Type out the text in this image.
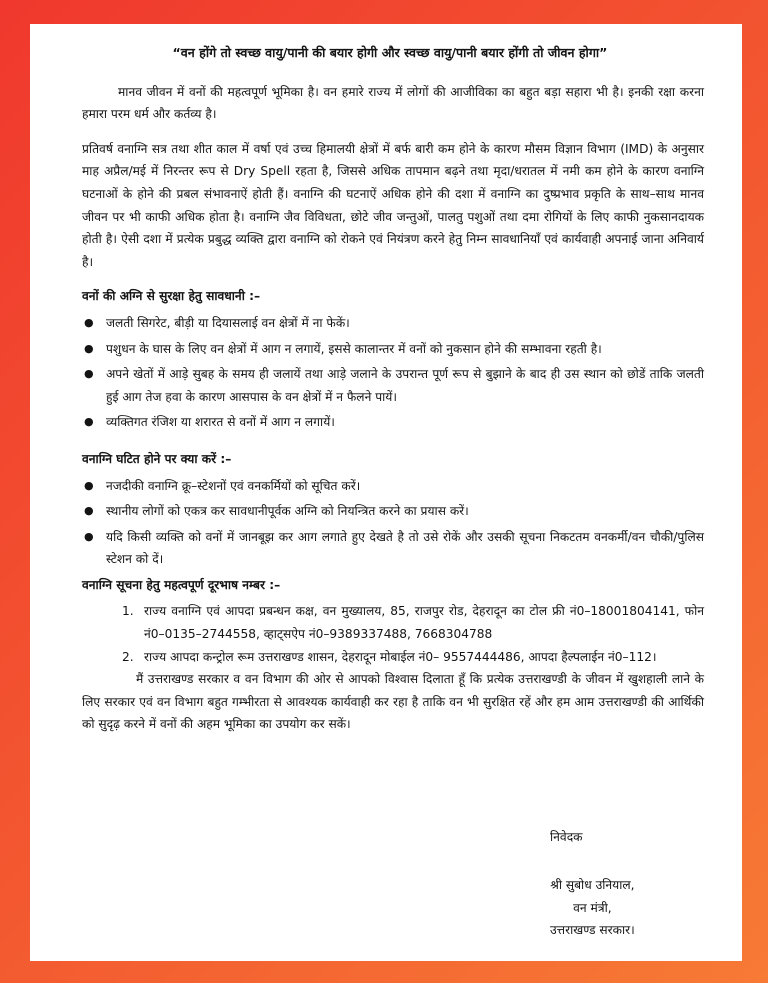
“वन होंगे तो स्वच्छ वायु/पानी की बयार होगी और स्वच्छ वायु/पानी बयार होंगी तो जीवन होगा”

मानव जीवन में वनों की महत्वपूर्ण भूमिका है। वन हमारे राज्य में लोगों की आजीविका का बहुत बड़ा सहारा भी है। इनकी रक्षा करना हमारा परम धर्म और कर्तव्य है।

प्रतिवर्ष वनाग्नि सत्र तथा शीत काल में वर्षा एवं उच्च हिमालयी क्षेत्रों में बर्फ बारी कम होने के कारण मौसम विज्ञान विभाग (IMD) के अनुसार माह अप्रैल/मई में निरन्तर रूप से Dry Spell रहता है, जिससे अधिक तापमान बढ़ने तथा मृदा/धरातल में नमी कम होने के कारण वनाग्नि घटनाओं के होने की प्रबल संभावनाऐं होती हैं। वनाग्नि की घटनाऐं अधिक होने की दशा में वनाग्नि का दुष्प्रभाव प्रकृति के साथ–साथ मानव जीवन पर भी काफी अधिक होता है। वनाग्नि जैव विविधता, छोटे जीव जन्तुओं, पालतु पशुओं तथा दमा रोगियों के लिए काफी नुकसानदायक होती है। ऐसी दशा में प्रत्येक प्रबुद्ध व्यक्ति द्वारा वनाग्नि को रोकने एवं नियंत्रण करने हेतु निम्न सावधानियाँ एवं कार्यवाही अपनाई जाना अनिवार्य है।

वनों की अग्नि से सुरक्षा हेतु सावधानी :–
● जलती सिगरेट, बीड़ी या दियासलाई वन क्षेत्रों में ना फेकें।
● पशुधन के घास के लिए वन क्षेत्रों में आग न लगायें, इससे कालान्तर में वनों को नुकसान होने की सम्भावना रहती है।
● अपने खेतों में आड़े सुबह के समय ही जलायें तथा आड़े जलाने के उपरान्त पूर्ण रूप से बुझाने के बाद ही उस स्थान को छोडें ताकि जलती हुई आग तेज हवा के कारण आसपास के वन क्षेत्रों में न फैलने पायें।
● व्यक्तिगत रंजिश या शरारत से वनों में आग न लगायें।
वनाग्नि घटित होने पर क्या करें :–
● नजदीकी वनाग्नि क्रू–स्टेशनों एवं वनकर्मियों को सूचित करें।
● स्थानीय लोगों को एकत्र कर सावधानीपूर्वक अग्नि को नियन्त्रित करने का प्रयास करें।
● यदि किसी व्यक्ति को वनों में जानबूझ कर आग लगाते हुए देखते है तो उसे रोकें और उसकी सूचना निकटतम वनकर्मी/वन चौकी/पुलिस स्टेशन को दें।
वनाग्नि सूचना हेतु महत्वपूर्ण दूरभाष नम्बर :–
1. राज्य वनाग्नि एवं आपदा प्रबन्धन कक्ष, वन मुख्यालय, 85, राजपुर रोड, देहरादून का टोल फ्री नं0–18001804141, फोन नं0–0135–2744558, व्हाट्सऐप नं0–9389337488, 7668304788
2. राज्य आपदा कन्ट्रोल रूम उत्तराखण्ड शासन, देहरादून मोबाईल नं0– 9557444486, आपदा हैल्पलाईन नं0–112।

मैं उत्तराखण्ड सरकार व वन विभाग की ओर से आपको विश्वास दिलाता हूँ कि प्रत्येक उत्तराखण्डी के जीवन में खुशहाली लाने के लिए सरकार एवं वन विभाग बहुत गम्भीरता से आवश्यक कार्यवाही कर रहा है ताकि वन भी सुरक्षित रहें और हम आम उत्तराखण्डी की आर्थिकी को सुदृढ़ करने में वनों की अहम भूमिका का उपयोग कर सकें।

निवेदक
श्री सुबोध उनियाल,
वन मंत्री,
उत्तराखण्ड सरकार।
